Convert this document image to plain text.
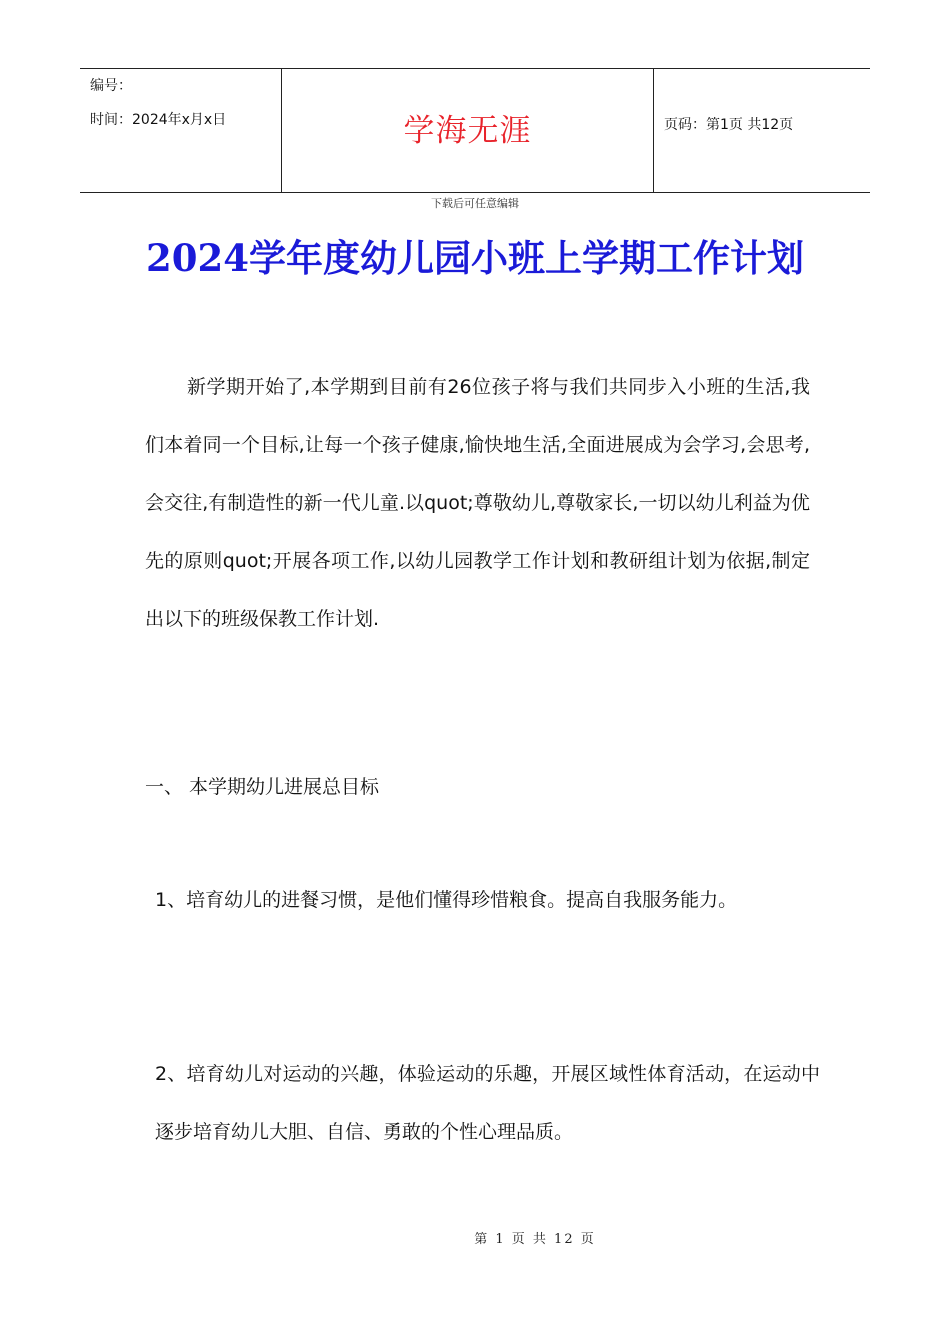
编号：
时间：2024年x月x日	学海无涯	页码：第1页 共12页
下载后可任意编辑
2024学年度幼儿园小班上学期工作计划

新学期开始了,本学期到目前有26位孩子将与我们共同步入小班的生活,我们本着同一个目标,让每一个孩子健康,愉快地生活,全面进展成为会学习,会思考,会交往,有制造性的新一代儿童.以quot;尊敬幼儿,尊敬家长,一切以幼儿利益为优先的原则quot;开展各项工作,以幼儿园教学工作计划和教研组计划为依据,制定出以下的班级保教工作计划.

一、 本学期幼儿进展总目标

1、培育幼儿的进餐习惯，是他们懂得珍惜粮食。提高自我服务能力。

2、培育幼儿对运动的兴趣，体验运动的乐趣，开展区域性体育活动，在运动中逐步培育幼儿大胆、自信、勇敢的个性心理品质。

第 1 页 共 12 页
